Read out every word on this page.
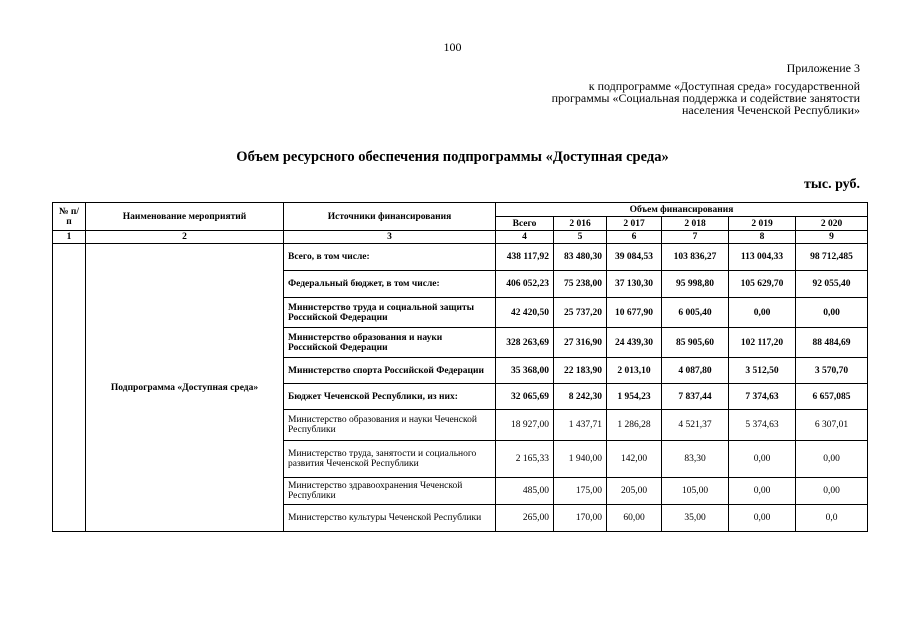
100
Приложение 3
к подпрограмме «Доступная среда» государственной программы «Социальная поддержка и содействие занятости населения Чеченской Республики»
Объем ресурсного обеспечения подпрограммы «Доступная среда»
тыс. руб.
№ п/п	Наименование мероприятий	Источники финансирования	Объем финансирования					
			Всего	2 016	2 017	2 018	2 019	2 020
1	2	3	4	5	6	7	8	9
	Подпрограмма «Доступная среда»	Всего, в том числе:	438 117,92	83 480,30	39 084,53	103 836,27	113 004,33	98 712,485
		Федеральный бюджет, в том числе:	406 052,23	75 238,00	37 130,30	95 998,80	105 629,70	92 055,40
		Министерство труда и социальной защиты Российской Федерации	42 420,50	25 737,20	10 677,90	6 005,40	0,00	0,00
		Министерство образования и науки Российской Федерации	328 263,69	27 316,90	24 439,30	85 905,60	102 117,20	88 484,69
		Министерство спорта Российской Федерации	35 368,00	22 183,90	2 013,10	4 087,80	3 512,50	3 570,70
		Бюджет Чеченской Республики, из них:	32 065,69	8 242,30	1 954,23	7 837,44	7 374,63	6 657,085
		Министерство образования и науки Чеченской Республики	18 927,00	1 437,71	1 286,28	4 521,37	5 374,63	6 307,01
		Министерство труда, занятости и социального развития Чеченской Республики	2 165,33	1 940,00	142,00	83,30	0,00	0,00
		Министерство здравоохранения Чеченской Республики	485,00	175,00	205,00	105,00	0,00	0,00
		Министерство культуры Чеченской Республики	265,00	170,00	60,00	35,00	0,00	0,0
